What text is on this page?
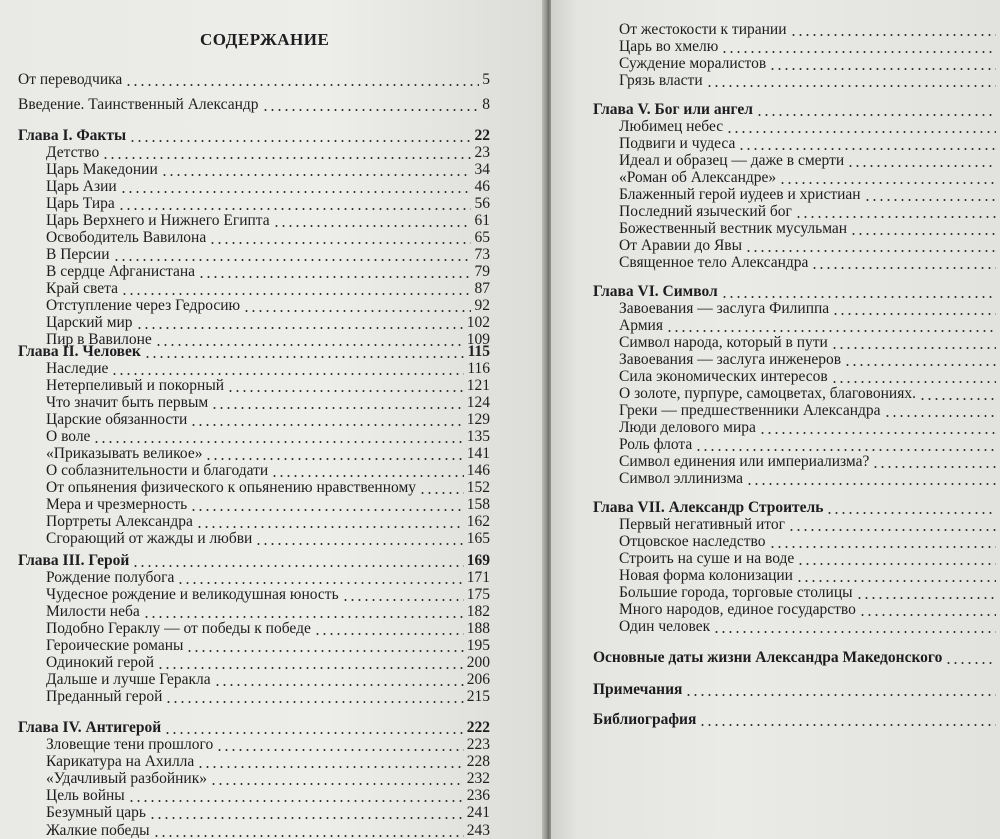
СОДЕРЖАНИЕ
От переводчика	5
Введение. Таинственный Александр	8
Глава I. Факты	22
Детство	23
Царь Македонии	34
Царь Азии	46
Царь Тира	56
Царь Верхнего и Нижнего Египта	61
Освободитель Вавилона	65
В Персии	73
В сердце Афганистана	79
Край света	87
Отступление через Гедросию	92
Царский мир	102
Пир в Вавилоне	109
Глава II. Человек	115
Наследие	116
Нетерпеливый и покорный	121
Что значит быть первым	124
Царские обязанности	129
О воле	135
«Приказывать великое»	141
О соблазнительности и благодати	146
От опьянения физического к опьянению нравственному	152
Мера и чрезмерность	158
Портреты Александра	162
Сгорающий от жажды и любви	165
Глава III. Герой	169
Рождение полубога	171
Чудесное рождение и великодушная юность	175
Милости неба	182
Подобно Гераклу — от победы к победе	188
Героические романы	195
Одинокий герой	200
Дальше и лучше Геракла	206
Преданный герой	215
Глава IV. Антигерой	222
Зловещие тени прошлого	223
Карикатура на Ахилла	228
«Удачливый разбойник»	232
Цель войны	236
Безумный царь	241
Жалкие победы	243
От жестокости к тирании
Царь во хмелю
Суждение моралистов
Грязь власти
Глава V. Бог или ангел
Любимец небес
Подвиги и чудеса
Идеал и образец — даже в смерти
«Роман об Александре»
Блаженный герой иудеев и христиан
Последний языческий бог
Божественный вестник мусульман
От Аравии до Явы
Священное тело Александра
Глава VI. Символ
Завоевания — заслуга Филиппа
Армия
Символ народа, который в пути
Завоевания — заслуга инженеров
Сила экономических интересов
О золоте, пурпуре, самоцветах, благовониях.
Греки — предшественники Александра
Люди делового мира
Роль флота
Символ единения или империализма?
Символ эллинизма
Глава VII. Александр Строитель
Первый негативный итог
Отцовское наследство
Строить на суше и на воде
Новая форма колонизации
Большие города, торговые столицы
Много народов, единое государство
Один человек
Основные даты жизни Александра Македонского
Примечания
Библиография
